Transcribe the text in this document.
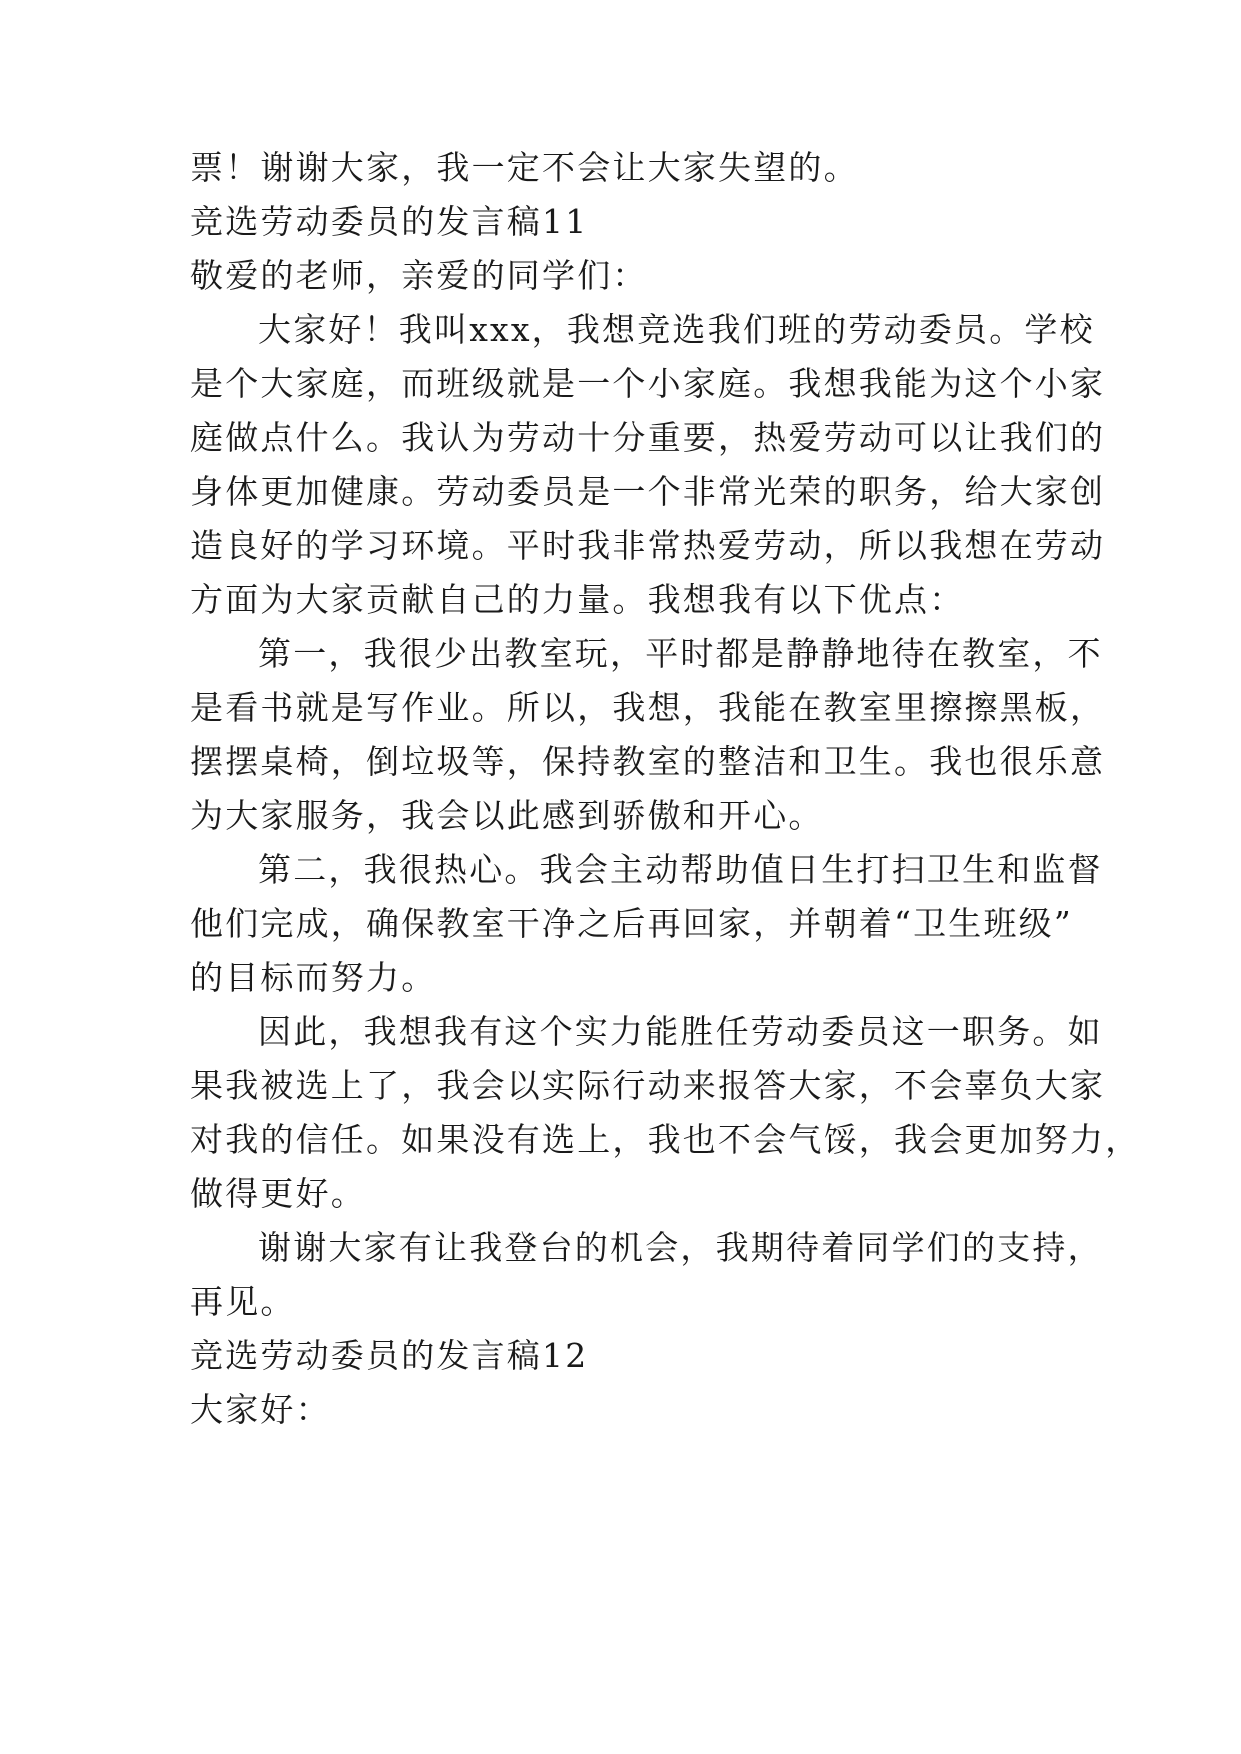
票！谢谢大家，我一定不会让大家失望的。
竞选劳动委员的发言稿11
敬爱的老师，亲爱的同学们：
大家好！我叫xxx，我想竞选我们班的劳动委员。学校
是个大家庭，而班级就是一个小家庭。我想我能为这个小家
庭做点什么。我认为劳动十分重要，热爱劳动可以让我们的
身体更加健康。劳动委员是一个非常光荣的职务，给大家创
造良好的学习环境。平时我非常热爱劳动，所以我想在劳动
方面为大家贡献自己的力量。我想我有以下优点：
第一，我很少出教室玩，平时都是静静地待在教室，不
是看书就是写作业。所以，我想，我能在教室里擦擦黑板，
摆摆桌椅，倒垃圾等，保持教室的整洁和卫生。我也很乐意
为大家服务，我会以此感到骄傲和开心。
第二，我很热心。我会主动帮助值日生打扫卫生和监督
他们完成，确保教室干净之后再回家，并朝着“卫生班级”
的目标而努力。
因此，我想我有这个实力能胜任劳动委员这一职务。如
果我被选上了，我会以实际行动来报答大家，不会辜负大家
对我的信任。如果没有选上，我也不会气馁，我会更加努力，
做得更好。
谢谢大家有让我登台的机会，我期待着同学们的支持，
再见。
竞选劳动委员的发言稿12
大家好：
